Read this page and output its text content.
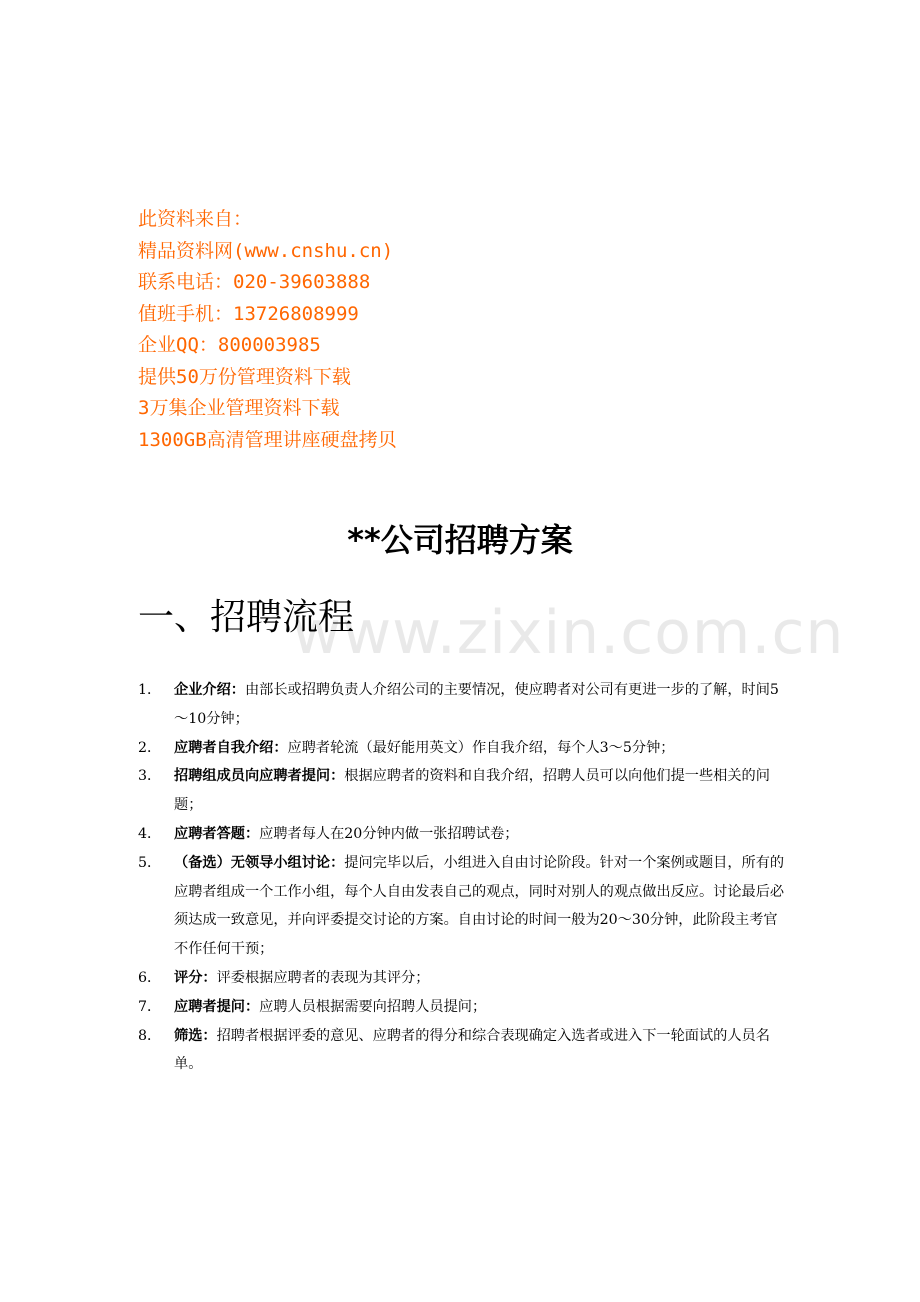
此资料来自：
精品资料网(www.cnshu.cn)
联系电话：020-39603888
值班手机：13726808999
企业QQ：800003985
提供50万份管理资料下载
3万集企业管理资料下载
1300GB高清管理讲座硬盘拷贝
**公司招聘方案
www.zixin.com.cn
一、招聘流程
1． 企业介绍：由部长或招聘负责人介绍公司的主要情况，使应聘者对公司有更进一步的了解，时间5～10分钟；
2． 应聘者自我介绍：应聘者轮流（最好能用英文）作自我介绍，每个人3～5分钟；
3． 招聘组成员向应聘者提问：根据应聘者的资料和自我介绍，招聘人员可以向他们提一些相关的问题；
4． 应聘者答题：应聘者每人在20分钟内做一张招聘试卷；
5． （备选）无领导小组讨论：提问完毕以后，小组进入自由讨论阶段。针对一个案例或题目，所有的应聘者组成一个工作小组，每个人自由发表自己的观点，同时对别人的观点做出反应。讨论最后必须达成一致意见，并向评委提交讨论的方案。自由讨论的时间一般为20～30分钟，此阶段主考官不作任何干预；
6． 评分：评委根据应聘者的表现为其评分；
7． 应聘者提问：应聘人员根据需要向招聘人员提问；
8． 筛选：招聘者根据评委的意见、应聘者的得分和综合表现确定入选者或进入下一轮面试的人员名单。
